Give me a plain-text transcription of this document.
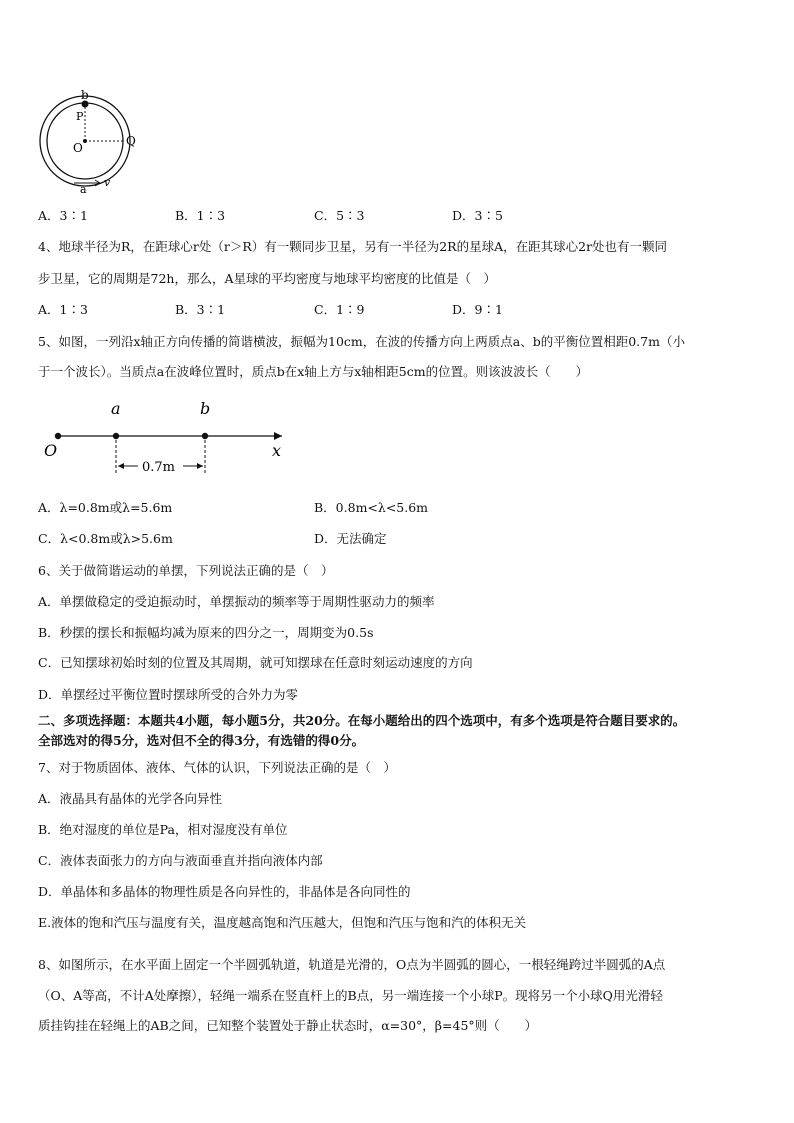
b
P
O	Q
a
v
A．3∶1	B．1∶3	C．5∶3	D．3∶5
4、地球半径为R，在距球心r处（r＞R）有一颗同步卫星，另有一半径为2R的星球A，在距其球心2r处也有一颗同
步卫星，它的周期是72h，那么，A星球的平均密度与地球平均密度的比值是（　）
A．1∶3	B．3∶1	C．1∶9	D．9∶1
5、如图，一列沿x轴正方向传播的简谐横波，振幅为10cm，在波的传播方向上两质点a、b的平衡位置相距0.7m（小
于一个波长）。当质点a在波峰位置时，质点b在x轴上方与x轴相距5cm的位置。则该波波长（　　）
a	b
O	x
0.7m
A．λ=0.8m或λ=5.6m	B．0.8m<λ<5.6m
C．λ<0.8m或λ>5.6m	D．无法确定
6、关于做简谐运动的单摆，下列说法正确的是（　）
A．单摆做稳定的受迫振动时，单摆振动的频率等于周期性驱动力的频率
B．秒摆的摆长和振幅均减为原来的四分之一，周期变为0.5s
C．已知摆球初始时刻的位置及其周期，就可知摆球在任意时刻运动速度的方向
D．单摆经过平衡位置时摆球所受的合外力为零
二、多项选择题：本题共4小题，每小题5分，共20分。在每小题给出的四个选项中，有多个选项是符合题目要求的。
全部选对的得5分，选对但不全的得3分，有选错的得0分。
7、对于物质固体、液体、气体的认识，下列说法正确的是（　）
A．液晶具有晶体的光学各向异性
B．绝对湿度的单位是Pa，相对湿度没有单位
C．液体表面张力的方向与液面垂直并指向液体内部
D．单晶体和多晶体的物理性质是各向异性的，非晶体是各向同性的
E.液体的饱和汽压与温度有关，温度越高饱和汽压越大，但饱和汽压与饱和汽的体积无关
8、如图所示，在水平面上固定一个半圆弧轨道，轨道是光滑的，O点为半圆弧的圆心，一根轻绳跨过半圆弧的A点
（O、A等高，不计A处摩擦），轻绳一端系在竖直杆上的B点，另一端连接一个小球P。现将另一个小球Q用光滑轻
质挂钩挂在轻绳上的AB之间，已知整个装置处于静止状态时，α=30°，β=45°则（　　）
